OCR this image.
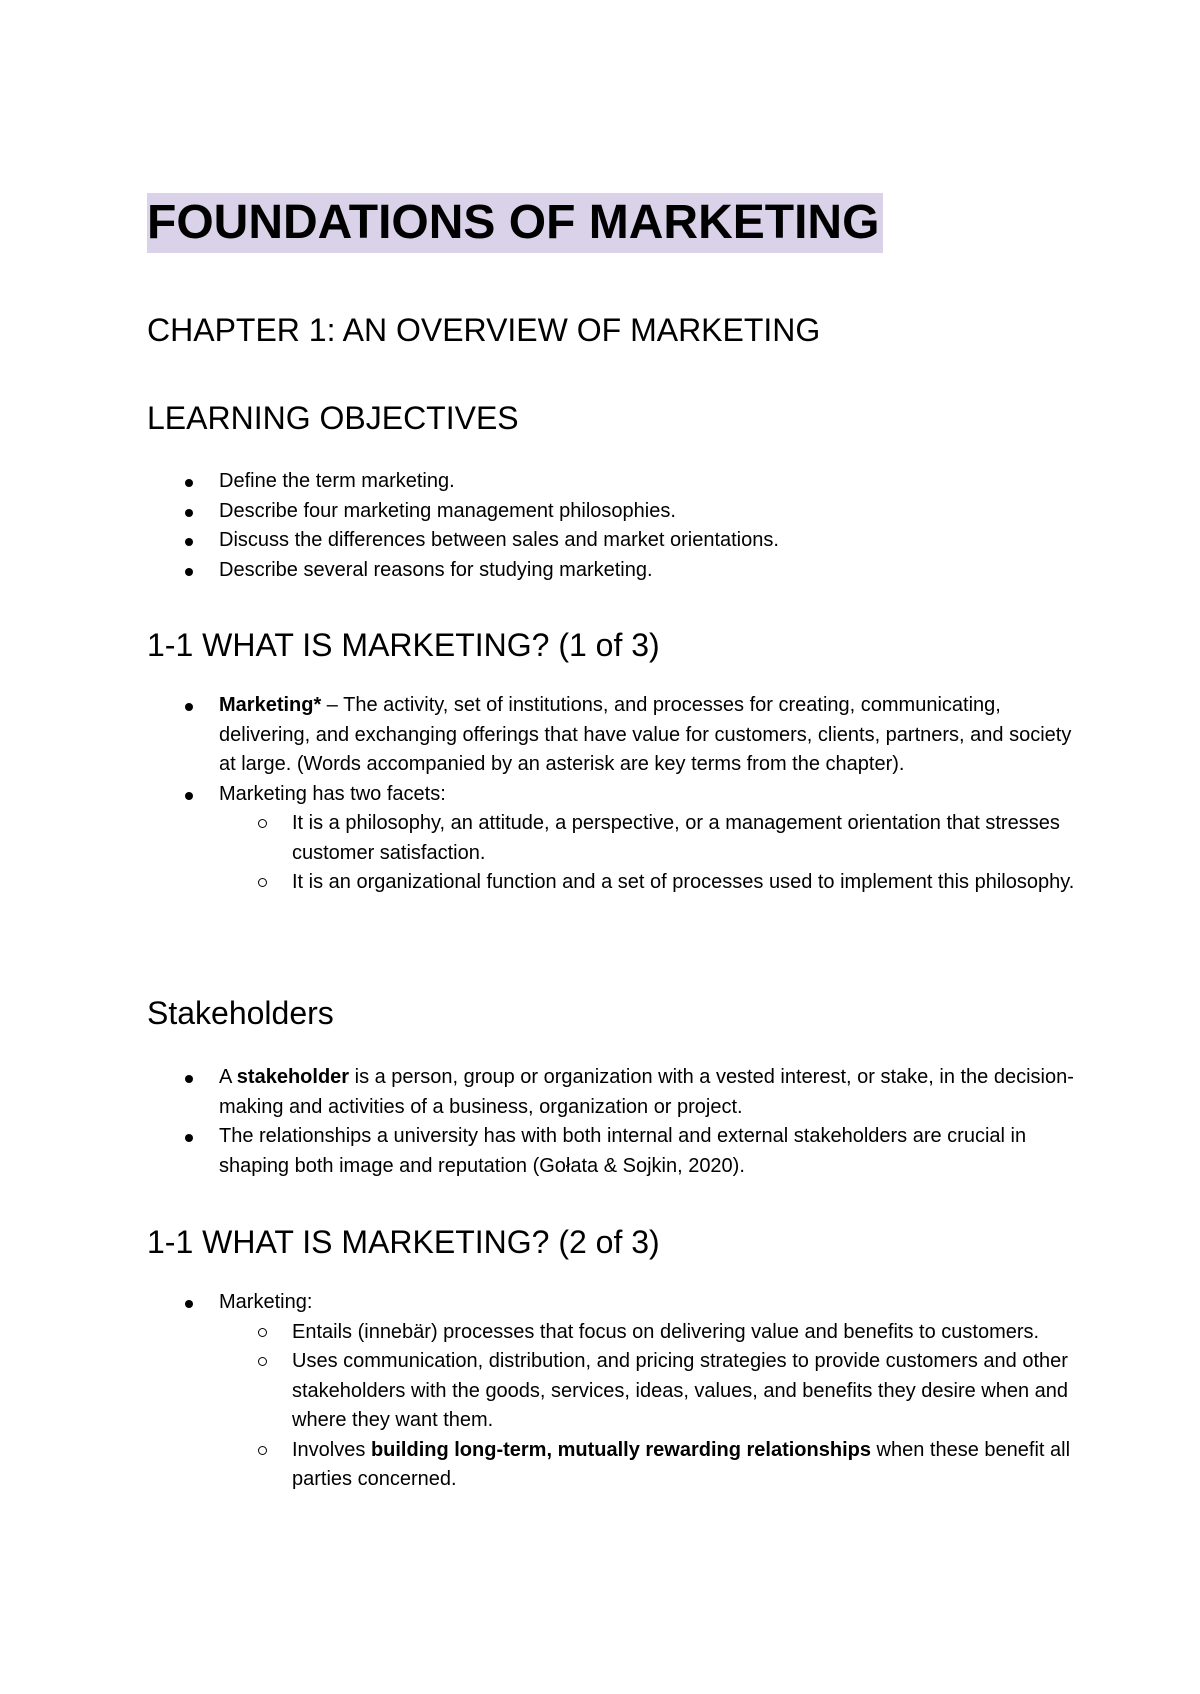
FOUNDATIONS OF MARKETING
CHAPTER 1: AN OVERVIEW OF MARKETING
LEARNING OBJECTIVES
Define the term marketing.
Describe four marketing management philosophies.
Discuss the differences between sales and market orientations.
Describe several reasons for studying marketing.
1-1 WHAT IS MARKETING? (1 of 3)
Marketing* – The activity, set of institutions, and processes for creating, communicating, delivering, and exchanging offerings that have value for customers, clients, partners, and society at large. (Words accompanied by an asterisk are key terms from the chapter).
Marketing has two facets:
It is a philosophy, an attitude, a perspective, or a management orientation that stresses customer satisfaction.
It is an organizational function and a set of processes used to implement this philosophy.
Stakeholders
A stakeholder is a person, group or organization with a vested interest, or stake, in the decision-making and activities of a business, organization or project.
The relationships a university has with both internal and external stakeholders are crucial in shaping both image and reputation (Gołata & Sojkin, 2020).
1-1 WHAT IS MARKETING? (2 of 3)
Marketing:
Entails (innebär) processes that focus on delivering value and benefits to customers.
Uses communication, distribution, and pricing strategies to provide customers and other stakeholders with the goods, services, ideas, values, and benefits they desire when and where they want them.
Involves building long-term, mutually rewarding relationships when these benefit all parties concerned.
